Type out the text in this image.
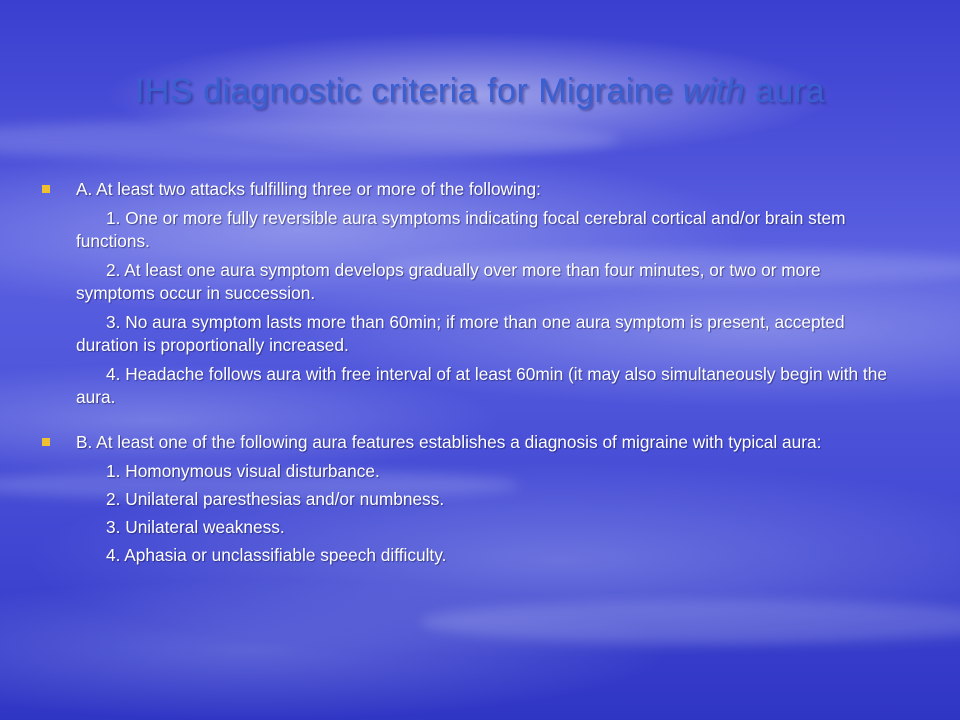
IHS diagnostic criteria for Migraine with aura
A. At least two attacks fulfilling three or more of the following:
1. One or more fully reversible aura symptoms indicating focal cerebral cortical and/or brain stem functions.
2. At least one aura symptom develops gradually over more than four minutes, or two or more symptoms occur in succession.
3. No aura symptom lasts more than 60min; if more than one aura symptom is present, accepted duration is proportionally increased.
4. Headache follows aura with free interval of at least 60min (it may also simultaneously begin with the aura.
B. At least one of the following aura features establishes a diagnosis of migraine with typical aura:
1. Homonymous visual disturbance.
2. Unilateral paresthesias and/or numbness.
3. Unilateral weakness.
4. Aphasia or unclassifiable speech difficulty.
